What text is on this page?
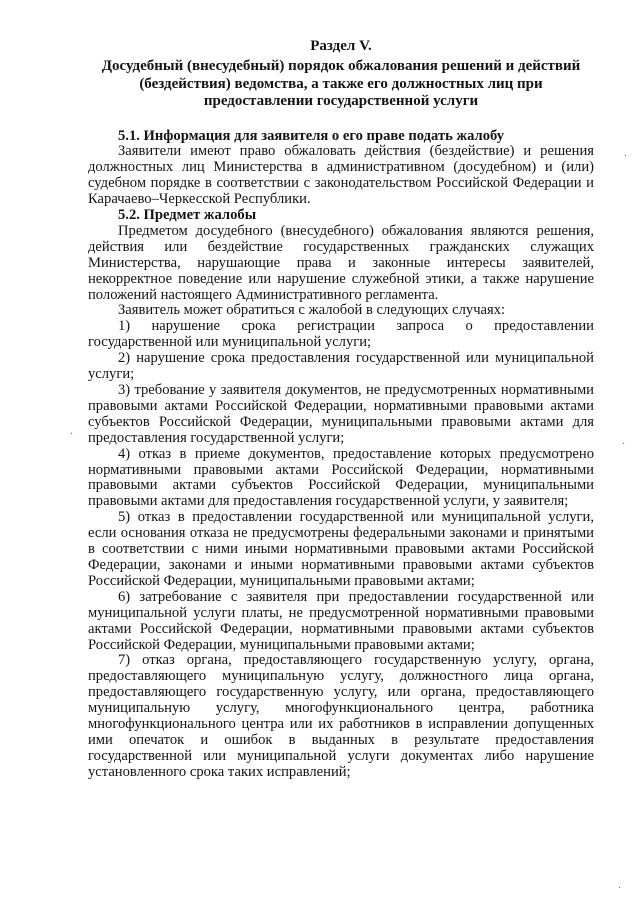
Раздел V.

Досудебный (внесудебный) порядок обжалования решений и действий (бездействия) ведомства, а также его должностных лиц при предоставлении государственной услуги

5.1. Информация для заявителя о его праве подать жалобу

Заявители имеют право обжаловать действия (бездействие) и решения должностных лиц Министерства в административном (досудебном) и (или) судебном порядке в соответствии с законодательством Российской Федерации и Карачаево–Черкесской Республики.

5.2. Предмет жалобы

Предметом досудебного (внесудебного) обжалования являются решения, действия или бездействие государственных гражданских служащих Министерства, нарушающие права и законные интересы заявителей, некорректное поведение или нарушение служебной этики, а также нарушение положений настоящего Административного регламента.

Заявитель может обратиться с жалобой в следующих случаях:

1) нарушение срока регистрации запроса о предоставлении государственной или муниципальной услуги;

2) нарушение срока предоставления государственной или муниципальной услуги;

3) требование у заявителя документов, не предусмотренных нормативными правовыми актами Российской Федерации, нормативными правовыми актами субъектов Российской Федерации, муниципальными правовыми актами для предоставления государственной услуги;

4) отказ в приеме документов, предоставление которых предусмотрено нормативными правовыми актами Российской Федерации, нормативными правовыми актами субъектов Российской Федерации, муниципальными правовыми актами для предоставления государственной услуги, у заявителя;

5) отказ в предоставлении государственной или муниципальной услуги, если основания отказа не предусмотрены федеральными законами и принятыми в соответствии с ними иными нормативными правовыми актами Российской Федерации, законами и иными нормативными правовыми актами субъектов Российской Федерации, муниципальными правовыми актами;

6) затребование с заявителя при предоставлении государственной или муниципальной услуги платы, не предусмотренной нормативными правовыми актами Российской Федерации, нормативными правовыми актами субъектов Российской Федерации, муниципальными правовыми актами;

7) отказ органа, предоставляющего государственную услугу, органа, предоставляющего муниципальную услугу, должностного лица органа, предоставляющего государственную услугу, или органа, предоставляющего муниципальную услугу, многофункционального центра, работника многофункционального центра или их работников в исправлении допущенных ими опечаток и ошибок в выданных в результате предоставления государственной или муниципальной услуги документах либо нарушение установленного срока таких исправлений;

·
·
·
·
